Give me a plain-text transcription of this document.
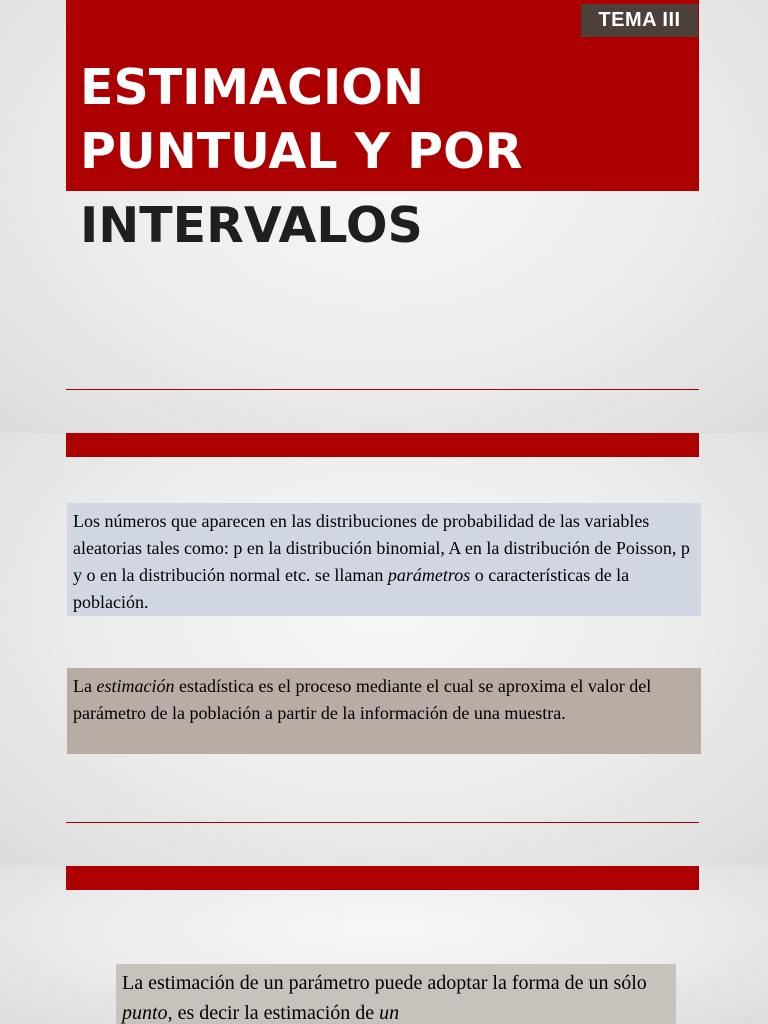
TEMA III
ESTIMACION
PUNTUAL Y POR
INTERVALOS
Los números que aparecen en las distribuciones de probabilidad de las variables aleatorias tales como: p en la distribución binomial, A en la distribución de Poisson, p y o en la distribución normal etc. se llaman parámetros o características de la población.
La estimación estadística es el proceso mediante el cual se aproxima el valor del parámetro de la población a partir de la información de una muestra.
La estimación de un parámetro puede adoptar la forma de un sólo punto, es decir la estimación de un
